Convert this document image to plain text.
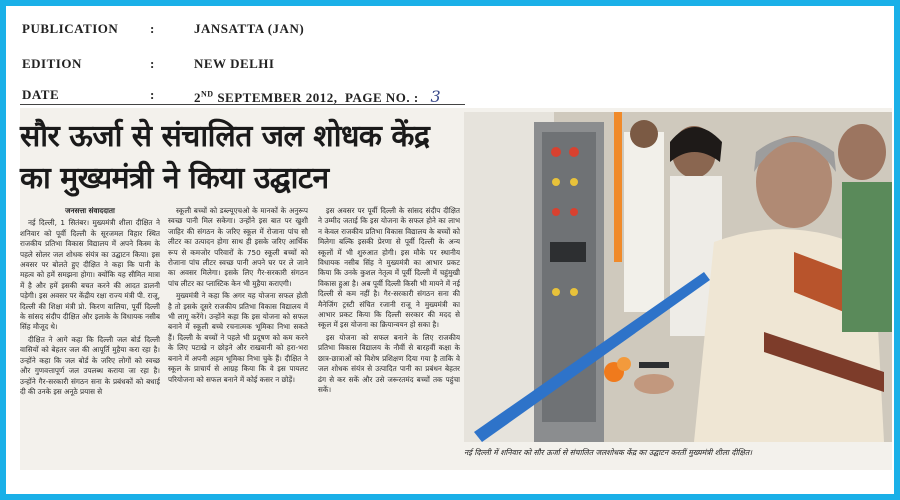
PUBLICATION :	JANSATTA (JAN)
EDITION	:	NEW DELHI
DATE	:	2ND SEPTEMBER 2012,  PAGE NO. : 3
सौर ऊर्जा से संचालित जल शोधक केंद्र का मुख्यमंत्री ने किया उद्घाटन
जनसत्ता संवाददाता

नई दिल्ली, 1 सितंबर। मुख्यमंत्री शीला दीक्षित ने शनिवार को पूर्वी दिल्ली के सूरजमल विहार स्थित राजकीय प्रतिभा विकास विद्यालय में अपने किस्म के पहले सोलर जल शोधक संयंत्र का उद्घाटन किया। इस अवसर पर बोलते हुए दीक्षित ने कहा कि पानी के महत्व को हमें समझना होगा। क्योंकि यह सीमित मात्रा में है और हमें इसकी बचत करने की आदत डालनी पड़ेगी। इस अवसर पर केंद्रीय रक्षा राज्य मंत्री पी. राजू, दिल्ली की शिक्षा मंत्री प्रो. किरण वालिया, पूर्वी दिल्ली के सांसद संदीप दीक्षित और इलाके के विधायक नसीब सिंह मौजूद थे।

दीक्षित ने आगे कहा कि दिल्ली जल बोर्ड दिल्ली वासियों को बेहतर जल की आपूर्ति मुहैया करा रहा है। उन्होंने कहा कि जल बोर्ड के जरिए लोगों को स्वच्छ और गुणवत्तापूर्ण जल उपलब्ध कराया जा रहा है। उन्होंने गैर-सरकारी संगठन सना के प्रबंधकों को बधाई दी की उनके इस अनूठे प्रयास से

स्कूली बच्चों को डब्ल्यूएचओ के मानकों के अनुरूप स्वच्छ पानी मिल सकेगा। उन्होंने इस बात पर खुशी जाहिर की संगठन के जरिए स्कूल में रोजाना पांच सौ लीटर का उत्पादन होगा साथ ही इसके जरिए आर्थिक रूप से कमजोर परिवारों के 750 स्कूली बच्चों को रोजाना पांच लीटर स्वच्छ पानी अपने घर पर ले जाने का अवसर मिलेगा। इसके लिए गैर-सरकारी संगठन पांच लीटर का प्लास्टिक केन भी मुहैया कराएगी।

मुख्यमंत्री ने कहा कि अगर यह योजना सफल होती है तो इसके दूसरे राजकीय प्रतिभा विकास विद्यालय में भी लागू करेंगे। उन्होंने कहा कि इस योजना को सफल बनाने में स्कूली बच्चे रचनात्मक भूमिका निभा सकते हैं। दिल्ली के बच्चों ने पहले भी प्रदूषण को कम करने के लिए पटाखे न छोड़ने और राखवानी को हरा-भरा बनाने में अपनी अहम भूमिका निभा चुके हैं। दीक्षित ने स्कूल के प्राचार्य से आग्रह किया कि वे इस पायलट परियोजना को सफल बनाने में कोई कसर न छोड़ें।

इस अवसर पर पूर्वी दिल्ली के सांसद संदीप दीक्षित ने उम्मीद जताई कि इस योजना के सफल होने का लाभ न केवल राजकीय प्रतिभा विकास विद्यालय के बच्चों को मिलेगा बल्कि इसकी प्रेरणा से पूर्वी दिल्ली के अन्य स्कूलों में भी शुरुआत होगी। इस मौके पर स्थानीय विधायक नसीब सिंह ने मुख्यमंत्री का आभार प्रकट किया कि उनके कुशल नेतृत्व में पूर्वी दिल्ली में चहुंमुखी विकास हुआ है। अब पूर्वी दिल्ली किसी भी मायने में नई दिल्ली से कम नहीं है। गैर-सरकारी संगठन सना की मैनेजिंग ट्रस्टी संचित रजानी राजू ने मुख्यमंत्री का आभार प्रकट किया कि दिल्ली सरकार की मदद से स्कूल में इस योजना का क्रियान्वयन हो सका है।

इस योजना को सफल बनाने के लिए राजकीय प्रतिभा विकास विद्यालय के नौवीं से बारहवीं कक्षा के छात्र-छात्राओं को विशेष प्रशिक्षण दिया गया है ताकि वे जल शोधक संयंत्र से उत्पादित पानी का प्रबंधन बेहतर ढंग से कर सकें और उसे जरूरतमंद बच्चों तक पहुंचा सकें।

नई दिल्ली में शनिवार को सौर ऊर्जा से संचालित जलशोधक केंद्र का उद्घाटन करतीं मुख्यमंत्री शीला दीक्षित।
